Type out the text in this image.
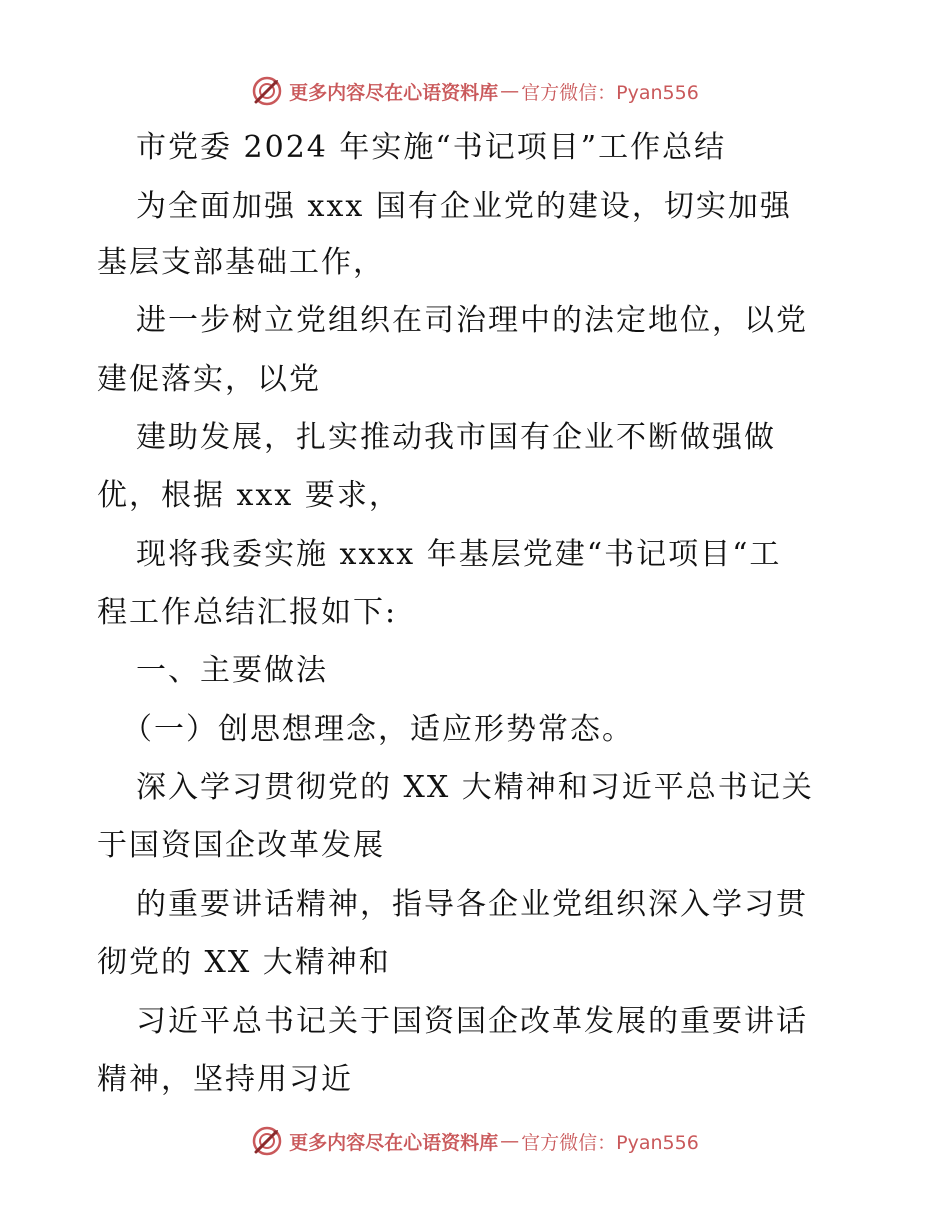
更多内容尽在心语资料库 — 官方微信：Pyan556
市党委 2024 年实施“书记项目”工作总结
为全面加强 xxx 国有企业党的建设，切实加强
基层支部基础工作，
进一步树立党组织在司治理中的法定地位，以党
建促落实，以党
建助发展，扎实推动我市国有企业不断做强做
优，根据 xxx 要求，
现将我委实施 xxxx 年基层党建“书记项目“工
程工作总结汇报如下:
一、主要做法
（一）创思想理念，适应形势常态。
深入学习贯彻党的 XX 大精神和习近平总书记关
于国资国企改革发展
的重要讲话精神，指导各企业党组织深入学习贯
彻党的 XX 大精神和
习近平总书记关于国资国企改革发展的重要讲话
精神，坚持用习近
更多内容尽在心语资料库 — 官方微信：Pyan556
